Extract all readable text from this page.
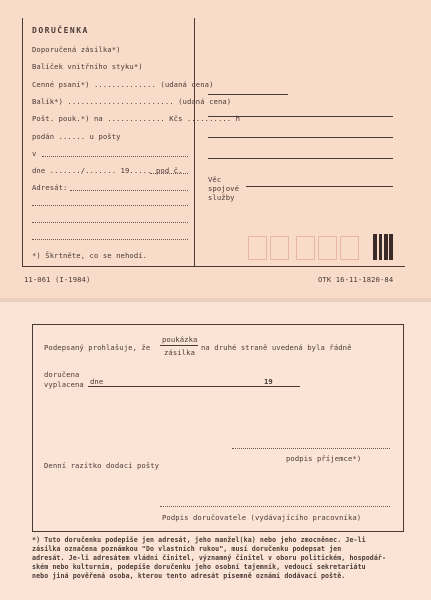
DORUČENKA
Doporučená zásilka*)
Balíček vnitřního styku*)
Cenné psaní*) .............. (udaná cena)
Balík*) ........................ (udaná cena)
Pošt. pouk.*) na ............. Kčs .......... h
podán ...... u pošty
v
dne ......./....... 19..... pod č.
Adresát:
*) Škrtněte, co se nehodí.
Věc
spojové
služby
11-061 (I-1984)	OTK 16-11-1820-84
Podepsaný prohlašuje, že
poukázka
zásilka
na druhé straně uvedená byla řádně
doručena
vyplacena dne	19
podpis příjemce*)
Denní razítko dodací pošty
Podpis doručovatele (vydávajícího pracovníka)
*) Tuto doručenku podepiše jen adresát, jeho manžel(ka) nebo jeho zmocněnec. Je-li
zásilka označena poznámkou "Do vlastních rukou", musí doručenku podepsat jen
adresát. Je-li adresátem vládní činitel, významný činitel v oboru politickém, hospodář-
ském nebo kulturním, podepíše doručenku jeho osobní tajemník, vedoucí sekretariátu
nebo jiná pověřená osoba, kterou tento adresát písemně oznámí dodávací poště.
